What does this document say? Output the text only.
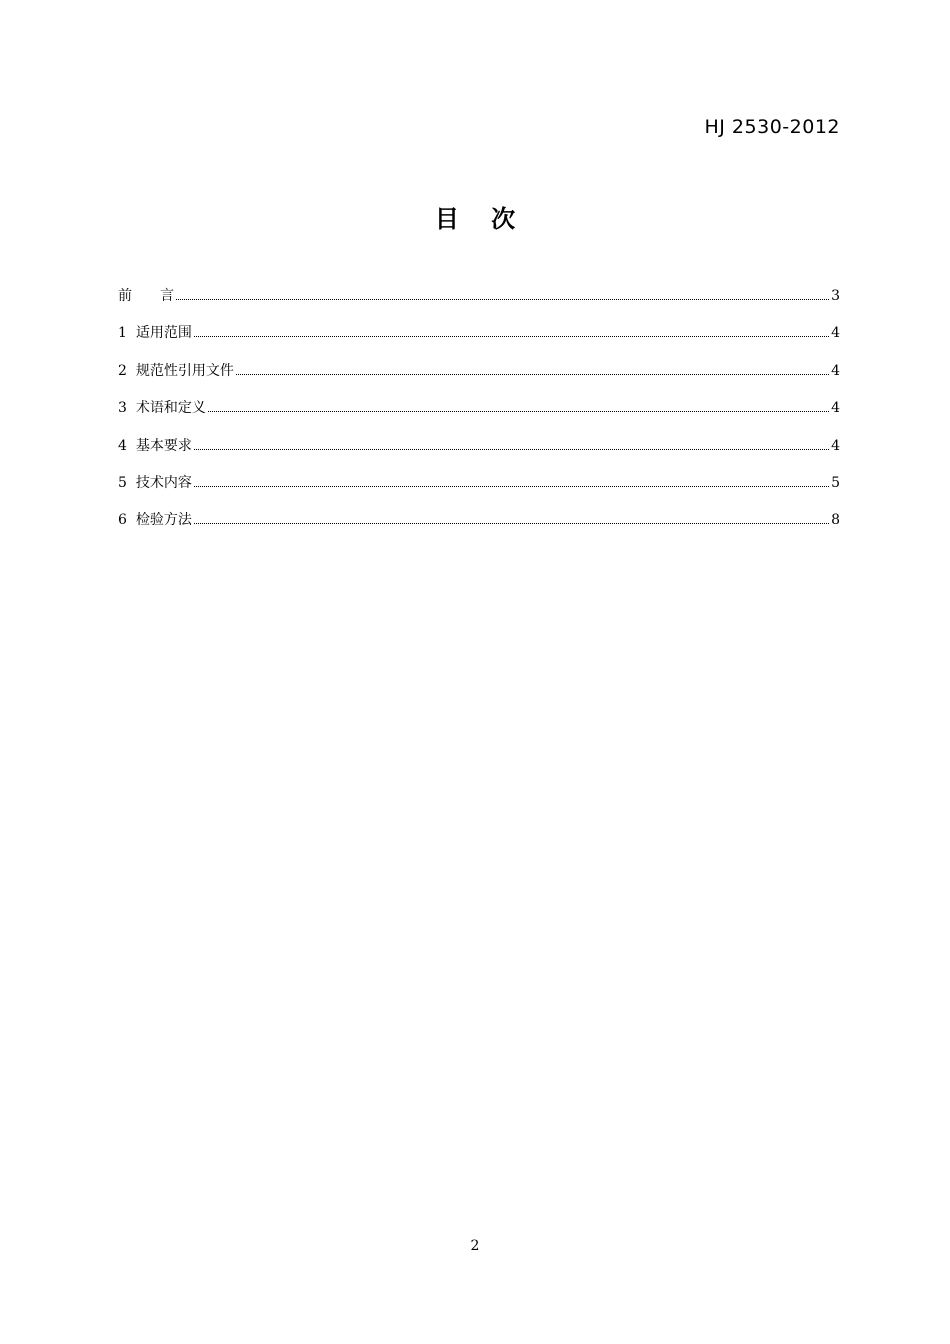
HJ 2530-2012
目 次
前　　言	3
1 适用范围	4
2 规范性引用文件	4
3 术语和定义	4
4 基本要求	4
5 技术内容	5
6 检验方法	8
2
